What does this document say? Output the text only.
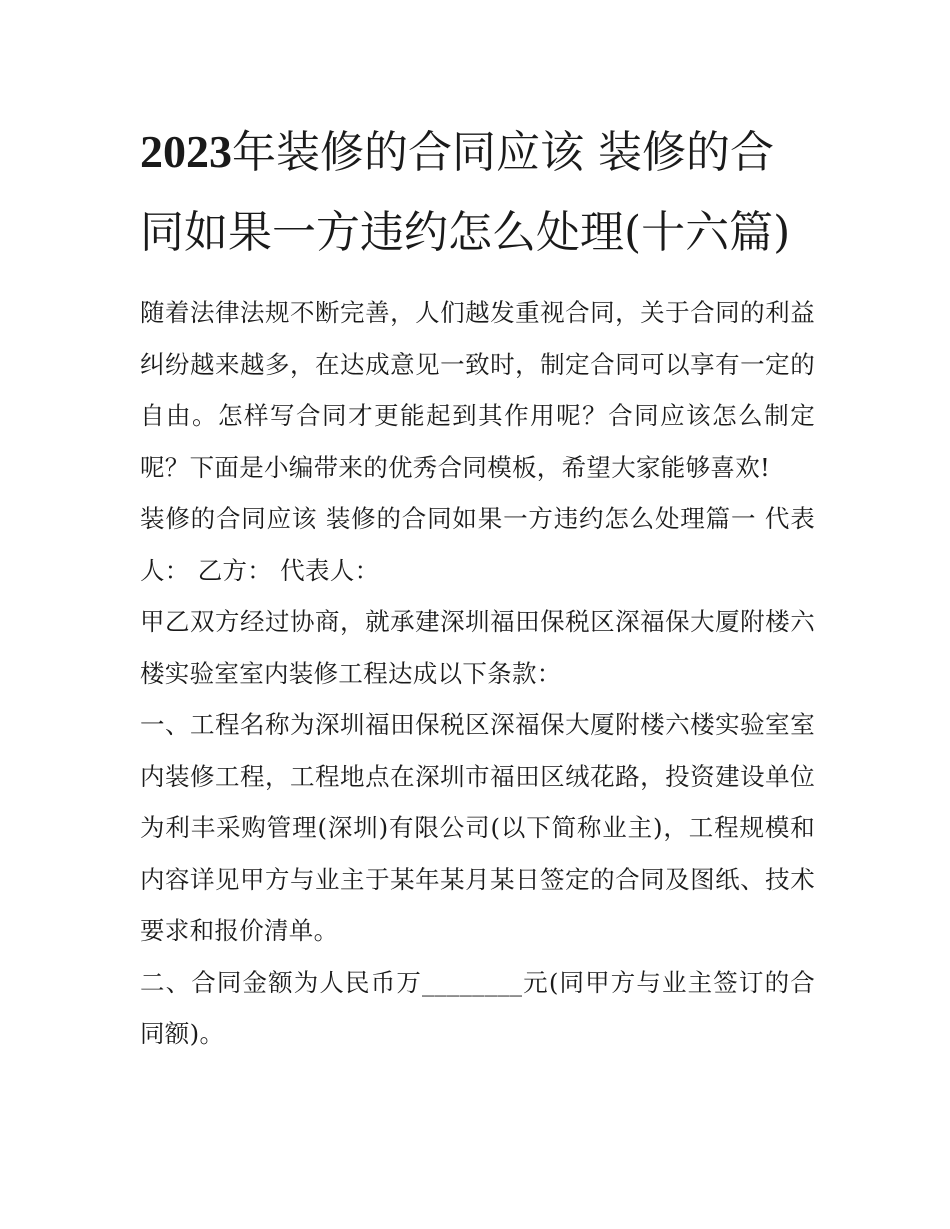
2023年装修的合同应该 装修的合同如果一方违约怎么处理(十六篇)

随着法律法规不断完善，人们越发重视合同，关于合同的利益纠纷越来越多，在达成意见一致时，制定合同可以享有一定的自由。怎样写合同才更能起到其作用呢？合同应该怎么制定呢？下面是小编带来的优秀合同模板，希望大家能够喜欢!

装修的合同应该 装修的合同如果一方违约怎么处理篇一 代表人： 乙方： 代表人：

甲乙双方经过协商，就承建深圳福田保税区深福保大厦附楼六楼实验室室内装修工程达成以下条款：

一、工程名称为深圳福田保税区深福保大厦附楼六楼实验室室内装修工程，工程地点在深圳市福田区绒花路，投资建设单位为利丰采购管理(深圳)有限公司(以下简称业主)，工程规模和内容详见甲方与业主于某年某月某日签定的合同及图纸、技术要求和报价清单。

二、合同金额为人民币万________元(同甲方与业主签订的合同额)。
